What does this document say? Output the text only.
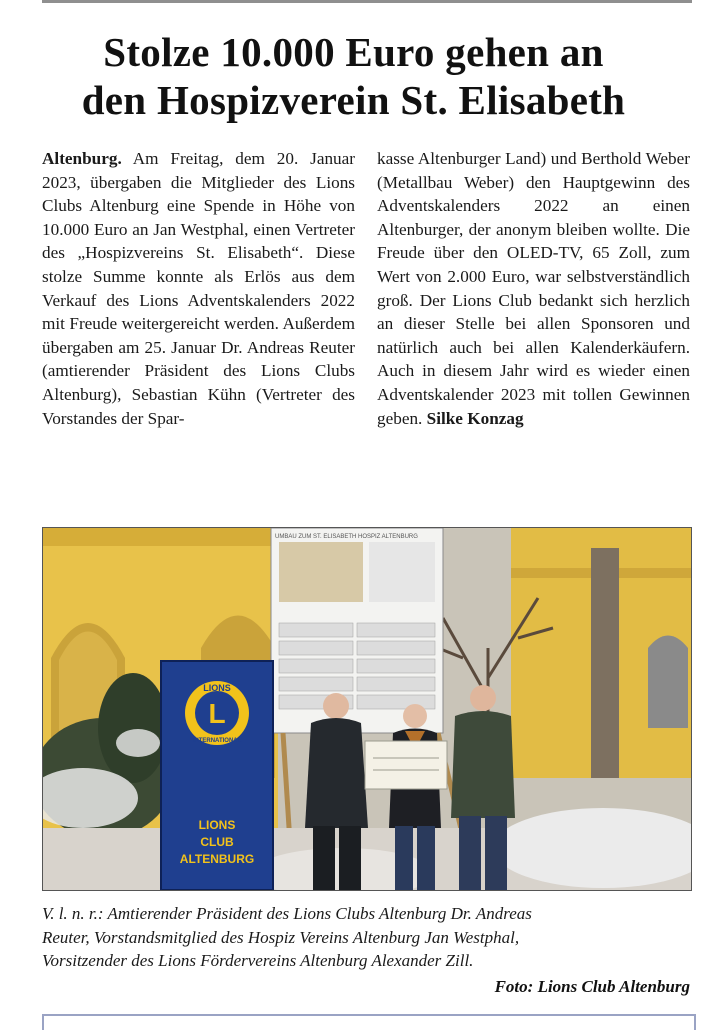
Stolze 10.000 Euro gehen an
den Hospizverein St. Elisabeth

Altenburg. Am Freitag, dem 20. Januar 2023, übergaben die Mitglieder des Lions Clubs Altenburg eine Spende in Höhe von 10.000 Euro an Jan Westphal, einen Vertreter des „Hospizvereins St. Elisabeth“. Diese stolze Summe konnte als Erlös aus dem Verkauf des Lions Adventskalenders 2022 mit Freude weitergereicht werden. Außerdem übergaben am 25. Januar Dr. Andreas Reuter (amtierender Präsident des Lions Clubs Altenburg), Sebastian Kühn (Vertreter des Vorstandes der Spar-

kasse Altenburger Land) und Berthold Weber (Metallbau Weber) den Hauptgewinn des Adventskalenders 2022 an einen Altenburger, der anonym bleiben wollte. Die Freude über den OLED-TV, 65 Zoll, zum Wert von 2.000 Euro, war selbstverständlich groß. Der Lions Club bedankt sich herzlich an dieser Stelle bei allen Sponsoren und natürlich auch bei allen Kalenderkäufern. Auch in diesem Jahr wird es wieder einen Adventskalender 2023 mit tollen Gewinnen geben. Silke Konzag

UMBAU ZUM ST. ELISABETH HOSPIZ ALTENBURG
L
LIONS
INTERNATIONAL
LIONS
CLUB
ALTENBURG

V. l. n. r.: Amtierender Präsident des Lions Clubs Altenburg Dr. Andreas

Reuter, Vorstandsmitglied des Hospiz Vereins Altenburg Jan Westphal,

Vorsitzender des Lions Fördervereins Altenburg Alexander Zill.

Foto: Lions Club Altenburg
